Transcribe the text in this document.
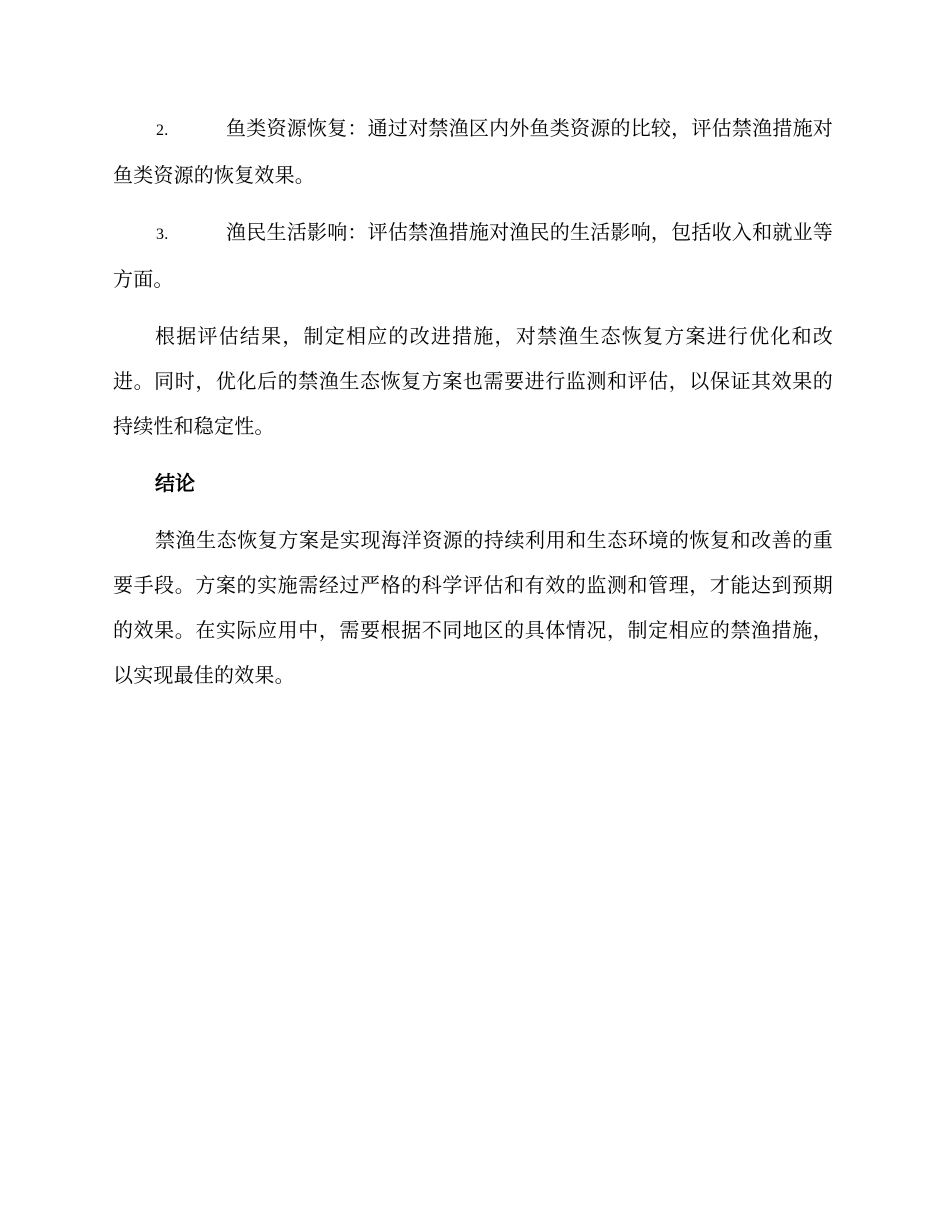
2.	鱼类资源恢复：通过对禁渔区内外鱼类资源的比较，评估禁渔措施对鱼类资源的恢复效果。

3.	渔民生活影响：评估禁渔措施对渔民的生活影响，包括收入和就业等方面。

根据评估结果，制定相应的改进措施，对禁渔生态恢复方案进行优化和改进。同时，优化后的禁渔生态恢复方案也需要进行监测和评估，以保证其效果的持续性和稳定性。

结论

禁渔生态恢复方案是实现海洋资源的持续利用和生态环境的恢复和改善的重要手段。方案的实施需经过严格的科学评估和有效的监测和管理，才能达到预期的效果。在实际应用中，需要根据不同地区的具体情况，制定相应的禁渔措施，以实现最佳的效果。
